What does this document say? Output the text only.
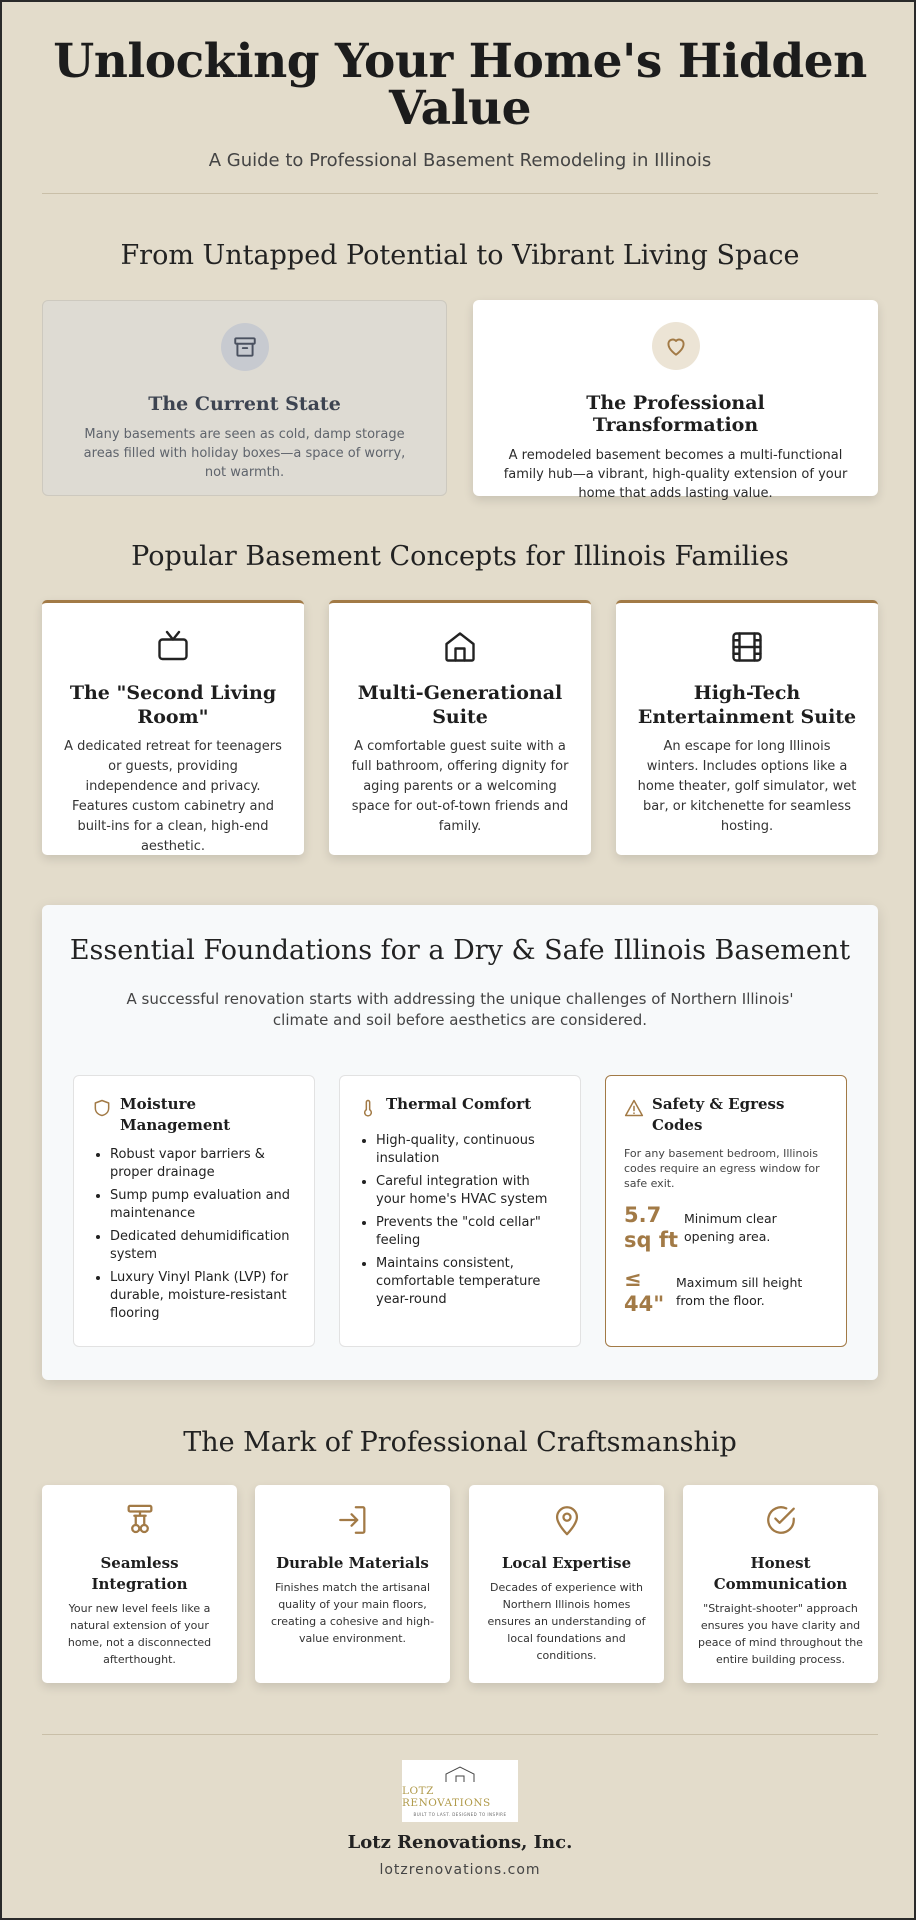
Unlocking Your Home's Hidden Value
A Guide to Professional Basement Remodeling in Illinois
From Untapped Potential to Vibrant Living Space
The Current State

Many basements are seen as cold, damp storage areas filled with holiday boxes—a space of worry, not warmth.

The Professional Transformation

A remodeled basement becomes a multi-functional family hub—a vibrant, high-quality extension of your home that adds lasting value.

Popular Basement Concepts for Illinois Families
The "Second Living Room"

A dedicated retreat for teenagers or guests, providing independence and privacy. Features custom cabinetry and built-ins for a clean, high-end aesthetic.

Multi-Generational Suite

A comfortable guest suite with a full bathroom, offering dignity for aging parents or a welcoming space for out-of-town friends and family.

High-Tech Entertainment Suite

An escape for long Illinois winters. Includes options like a home theater, golf simulator, wet bar, or kitchenette for seamless hosting.

Essential Foundations for a Dry & Safe Illinois Basement
A successful renovation starts with addressing the unique challenges of Northern Illinois' climate and soil before aesthetics are considered.
Moisture Management
• Robust vapor barriers & proper drainage
• Sump pump evaluation and maintenance
• Dedicated dehumidification system
• Luxury Vinyl Plank (LVP) for durable, moisture-resistant flooring
Thermal Comfort
• High-quality, continuous insulation
• Careful integration with your home's HVAC system
• Prevents the "cold cellar" feeling
• Maintains consistent, comfortable temperature year-round
Safety & Egress Codes
For any basement bedroom, Illinois codes require an egress window for safe exit.
5.7 sq ft
Minimum clear opening area.
≤ 44"
Maximum sill height from the floor.
The Mark of Professional Craftsmanship
Seamless Integration

Your new level feels like a natural extension of your home, not a disconnected afterthought.

Durable Materials

Finishes match the artisanal quality of your main floors, creating a cohesive and high-value environment.

Local Expertise

Decades of experience with Northern Illinois homes ensures an understanding of local foundations and conditions.

Honest Communication

"Straight-shooter" approach ensures you have clarity and peace of mind throughout the entire building process.

LOTZ RENOVATIONS
BUILT TO LAST. DESIGNED TO INSPIRE
Lotz Renovations, Inc.
lotzrenovations.com
